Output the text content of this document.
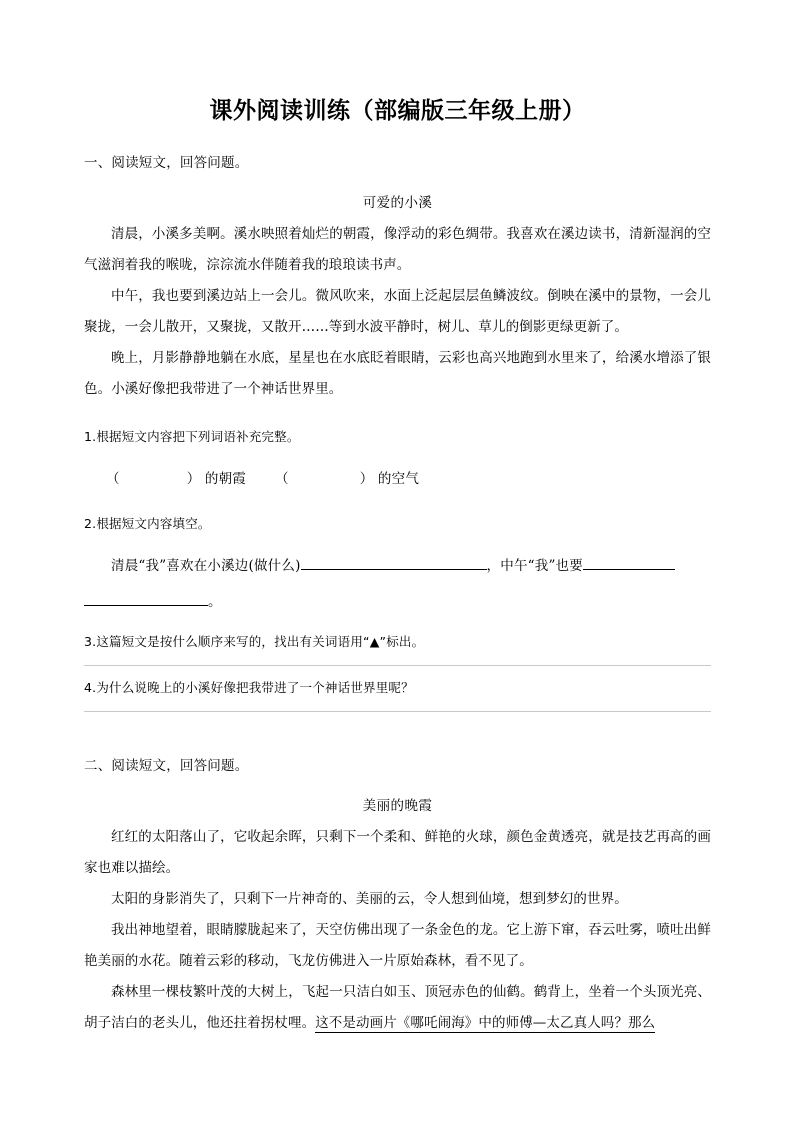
课外阅读训练（部编版三年级上册）
一、阅读短文，回答问题。
可爱的小溪

清晨，小溪多美啊。溪水映照着灿烂的朝霞，像浮动的彩色绸带。我喜欢在溪边读书，清新湿润的空气滋润着我的喉咙，淙淙流水伴随着我的琅琅读书声。

中午，我也要到溪边站上一会儿。微风吹来，水面上泛起层层鱼鳞波纹。倒映在溪中的景物，一会儿聚拢，一会儿散开，又聚拢，又散开……等到水波平静时，树儿、草儿的倒影更绿更新了。

晚上，月影静静地躺在水底，星星也在水底眨着眼睛，云彩也高兴地跑到水里来了，给溪水增添了银色。小溪好像把我带进了一个神话世界里。

1.根据短文内容把下列词语补充完整。
（	） 的朝霞 （	） 的空气
2.根据短文内容填空。
清晨“我”喜欢在小溪边(做什么)	，中午“我”也要。
3.这篇短文是按什么顺序来写的，找出有关词语用“▲”标出。
4.为什么说晚上的小溪好像把我带进了一个神话世界里呢？
二、阅读短文，回答问题。
美丽的晚霞

红红的太阳落山了，它收起余晖，只剩下一个柔和、鲜艳的火球，颜色金黄透亮，就是技艺再高的画家也难以描绘。

太阳的身影消失了，只剩下一片神奇的、美丽的云，令人想到仙境，想到梦幻的世界。

我出神地望着，眼睛朦胧起来了，天空仿佛出现了一条金色的龙。它上游下窜，吞云吐雾，喷吐出鲜艳美丽的水花。随着云彩的移动，飞龙仿佛进入一片原始森林，看不见了。

森林里一棵枝繁叶茂的大树上，飞起一只洁白如玉、顶冠赤色的仙鹤。鹤背上，坐着一个头顶光亮、胡子洁白的老头儿，他还拄着拐杖哩。这不是动画片《哪吒闹海》中的师傅—太乙真人吗？那么
